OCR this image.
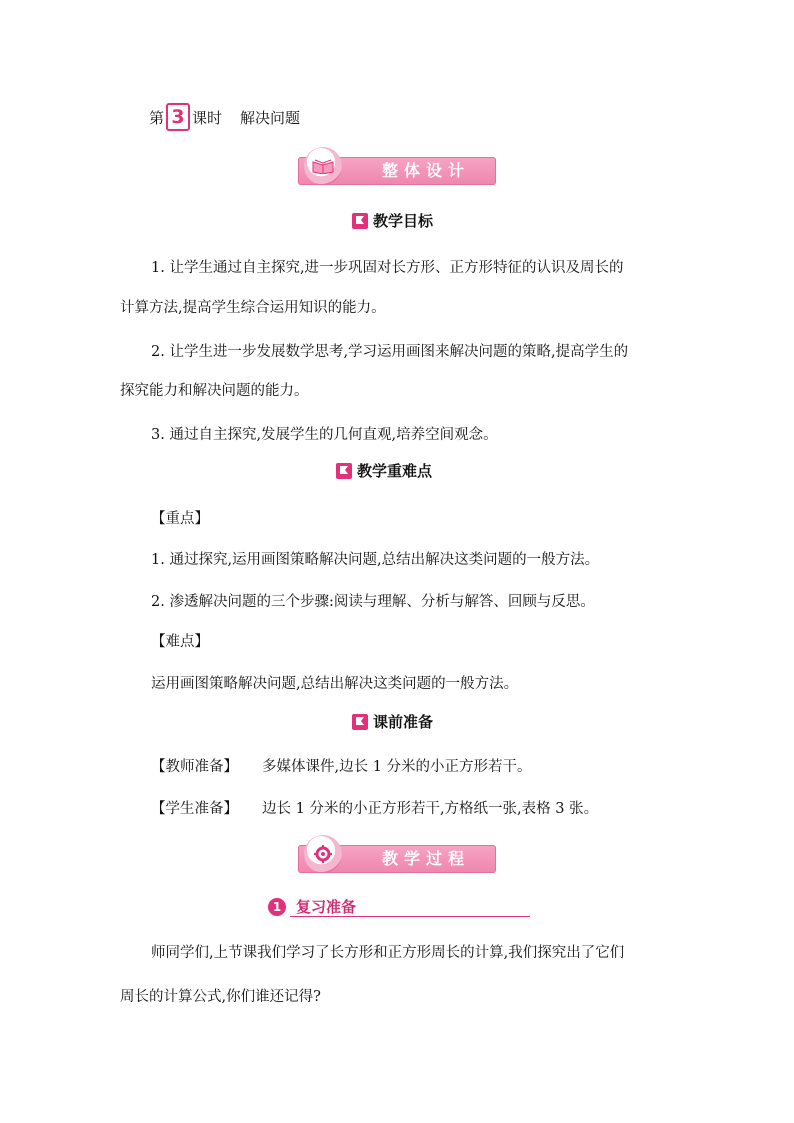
第 3 课时 解决问题
整体设计
教学目标
1. 让学生通过自主探究,进一步巩固对长方形、正方形特征的认识及周长的
计算方法,提高学生综合运用知识的能力。
2. 让学生进一步发展数学思考,学习运用画图来解决问题的策略,提高学生的
探究能力和解决问题的能力。
3. 通过自主探究,发展学生的几何直观,培养空间观念。
教学重难点
【重点】
1. 通过探究,运用画图策略解决问题,总结出解决这类问题的一般方法。
2. 渗透解决问题的三个步骤:阅读与理解、分析与解答、回顾与反思。
【难点】
运用画图策略解决问题,总结出解决这类问题的一般方法。
课前准备
【教师准备】 多媒体课件,边长 1 分米的小正方形若干。
【学生准备】 边长 1 分米的小正方形若干,方格纸一张,表格 3 张。
教学过程
1 复习准备
师同学们,上节课我们学习了长方形和正方形周长的计算,我们探究出了它们
周长的计算公式,你们谁还记得?
